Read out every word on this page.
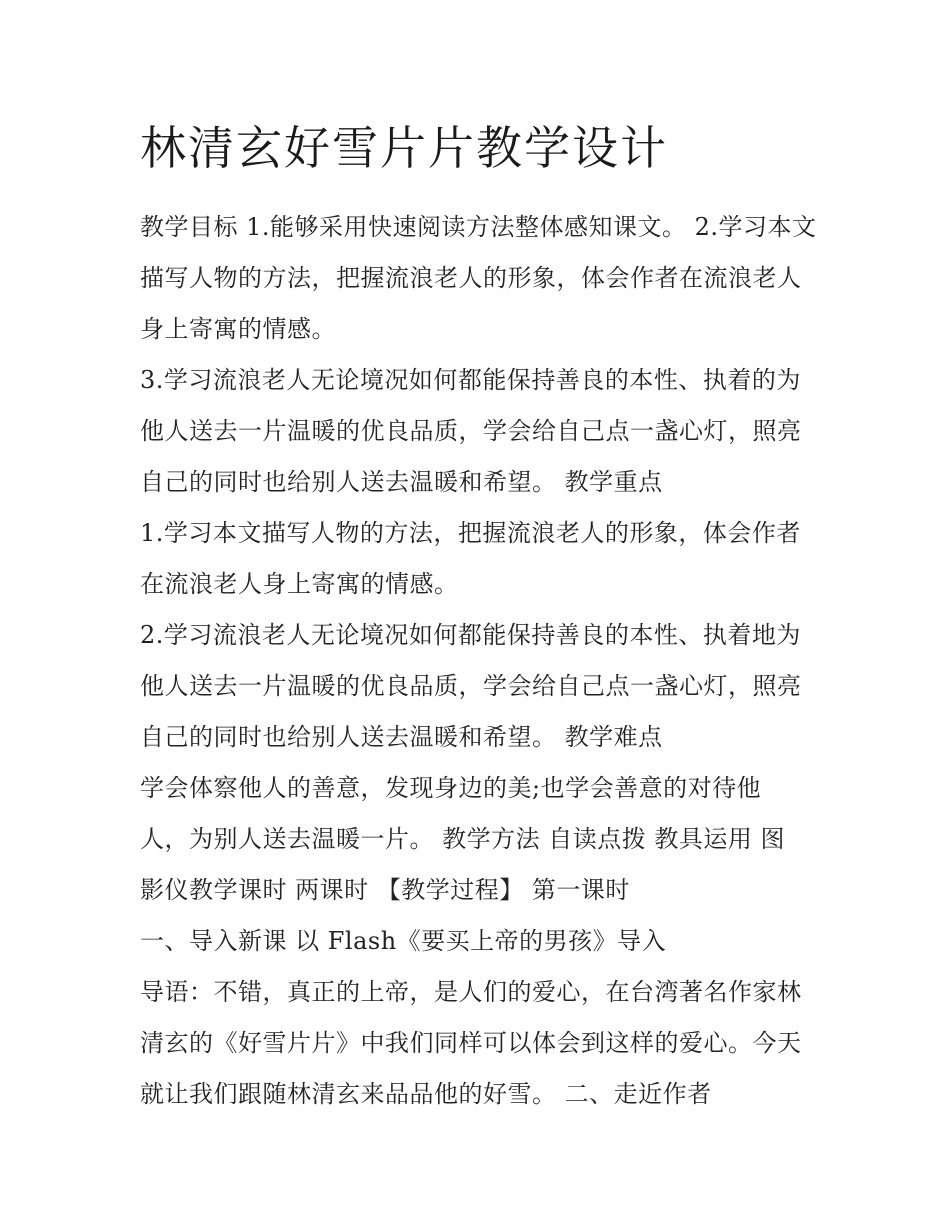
林清玄好雪片片教学设计
教学目标 1.能够采用快速阅读方法整体感知课文。 2.学习本文
描写人物的方法，把握流浪老人的形象，体会作者在流浪老人
身上寄寓的情感。
3.学习流浪老人无论境况如何都能保持善良的本性、执着的为
他人送去一片温暖的优良品质，学会给自己点一盏心灯，照亮
自己的同时也给别人送去温暖和希望。 教学重点
1.学习本文描写人物的方法，把握流浪老人的形象，体会作者
在流浪老人身上寄寓的情感。
2.学习流浪老人无论境况如何都能保持善良的本性、执着地为
他人送去一片温暖的优良品质，学会给自己点一盏心灯，照亮
自己的同时也给别人送去温暖和希望。 教学难点
学会体察他人的善意，发现身边的美;也学会善意的对待他
人，为别人送去温暖一片。 教学方法 自读点拨 教具运用 图
影仪教学课时 两课时 【教学过程】 第一课时
一、导入新课 以 Flash《要买上帝的男孩》导入
导语：不错，真正的上帝，是人们的爱心，在台湾著名作家林
清玄的《好雪片片》中我们同样可以体会到这样的爱心。今天
就让我们跟随林清玄来品品他的好雪。 二、走近作者
